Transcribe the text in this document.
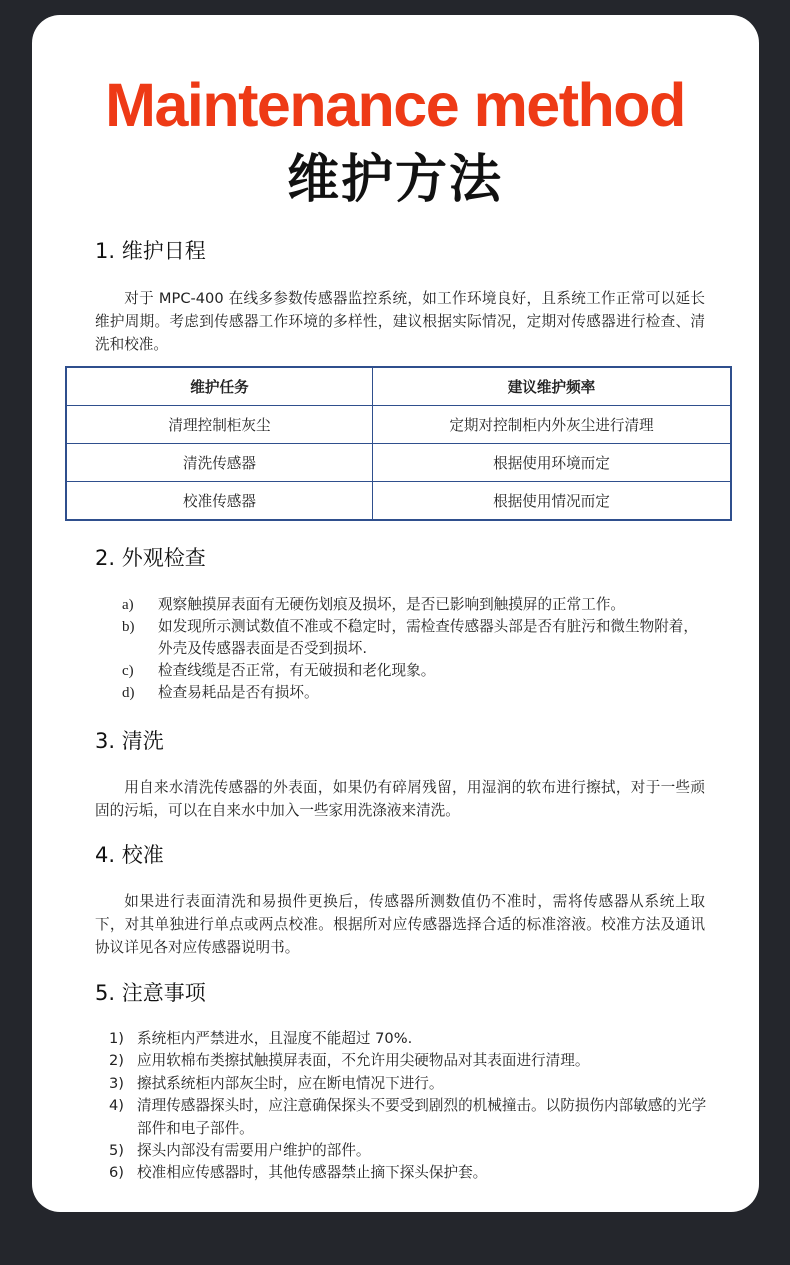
Maintenance method
维护方法
1. 维护日程

对于 MPC-400 在线多参数传感器监控系统，如工作环境良好，且系统工作正常可以延长维护周期。考虑到传感器工作环境的多样性，建议根据实际情况，定期对传感器进行检查、清洗和校准。

维护任务	建议维护频率
清理控制柜灰尘	定期对控制柜内外灰尘进行清理
清洗传感器	根据使用环境而定
校准传感器	根据使用情况而定
2. 外观检查
a)	观察触摸屏表面有无硬伤划痕及损坏，是否已影响到触摸屏的正常工作。
b)	如发现所示测试数值不准或不稳定时，需检查传感器头部是否有脏污和微生物附着，外壳及传感器表面是否受到损坏.
c)	检查线缆是否正常，有无破损和老化现象。
d)	检查易耗品是否有损坏。
3. 清洗

用自来水清洗传感器的外表面，如果仍有碎屑残留，用湿润的软布进行擦拭，对于一些顽固的污垢，可以在自来水中加入一些家用洗涤液来清洗。

4. 校准

如果进行表面清洗和易损件更换后，传感器所测数值仍不准时，需将传感器从系统上取下，对其单独进行单点或两点校准。根据所对应传感器选择合适的标准溶液。校准方法及通讯协议详见各对应传感器说明书。

5. 注意事项
1) 系统柜内严禁进水，且湿度不能超过 70%.
2) 应用软棉布类擦拭触摸屏表面，不允许用尖硬物品对其表面进行清理。
3) 擦拭系统柜内部灰尘时，应在断电情况下进行。
4) 清理传感器探头时，应注意确保探头不要受到剧烈的机械撞击。以防损伤内部敏感的光学部件和电子部件。
5) 探头内部没有需要用户维护的部件。
6) 校准相应传感器时，其他传感器禁止摘下探头保护套。
